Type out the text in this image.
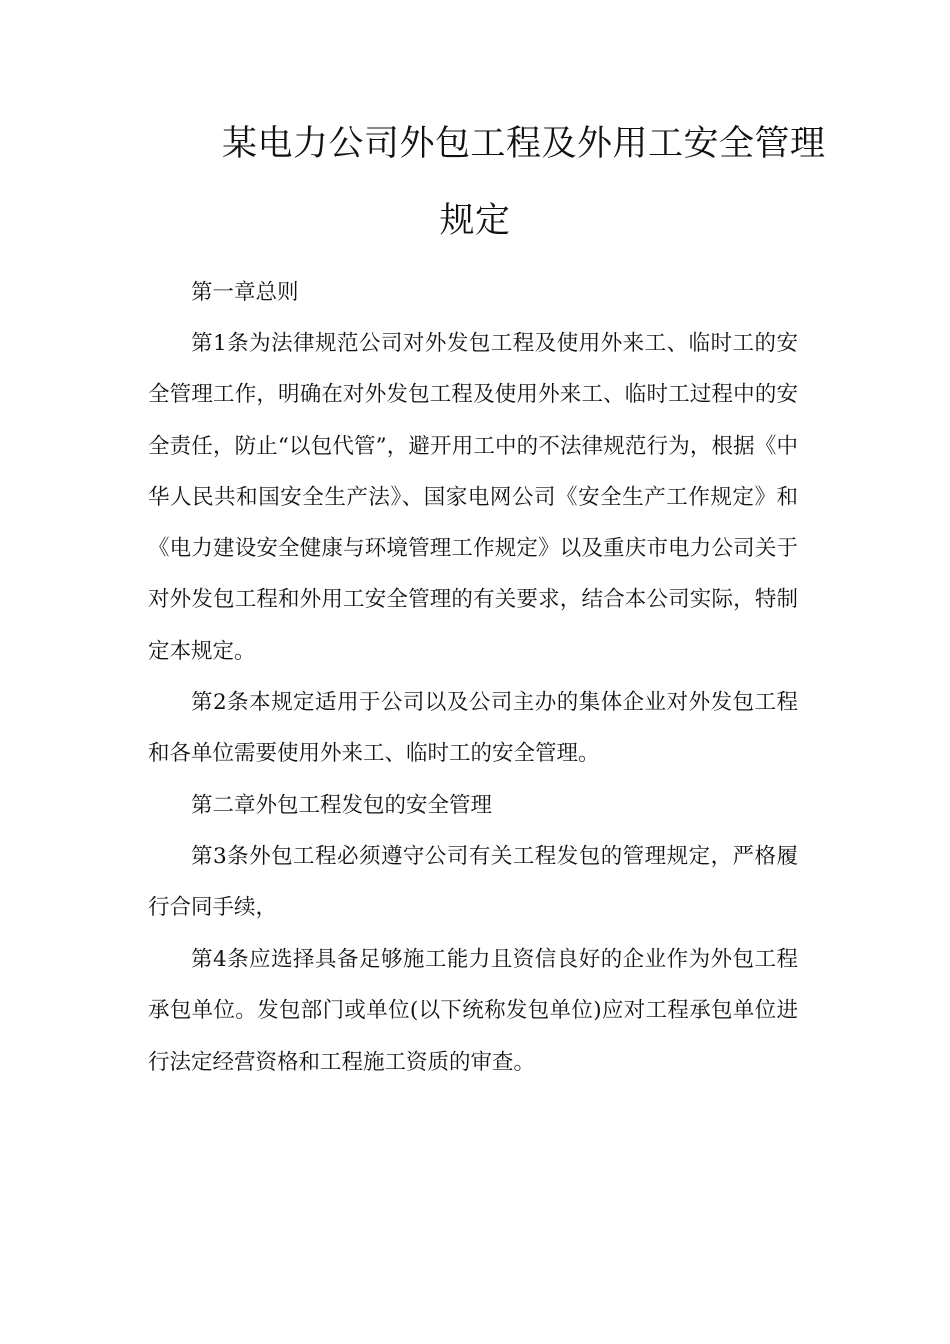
某电力公司外包工程及外用工安全管理
规定

第一章总则

第1条为法律规范公司对外发包工程及使用外来工、临时工的安全管理工作，明确在对外发包工程及使用外来工、临时工过程中的安全责任，防止“以包代管”，避开用工中的不法律规范行为，根据《中华人民共和国安全生产法》、国家电网公司《安全生产工作规定》和《电力建设安全健康与环境管理工作规定》以及重庆市电力公司关于对外发包工程和外用工安全管理的有关要求，结合本公司实际，特制定本规定。

第2条本规定适用于公司以及公司主办的集体企业对外发包工程和各单位需要使用外来工、临时工的安全管理。

第二章外包工程发包的安全管理

第3条外包工程必须遵守公司有关工程发包的管理规定，严格履行合同手续，

第4条应选择具备足够施工能力且资信良好的企业作为外包工程承包单位。发包部门或单位(以下统称发包单位)应对工程承包单位进行法定经营资格和工程施工资质的审查。
